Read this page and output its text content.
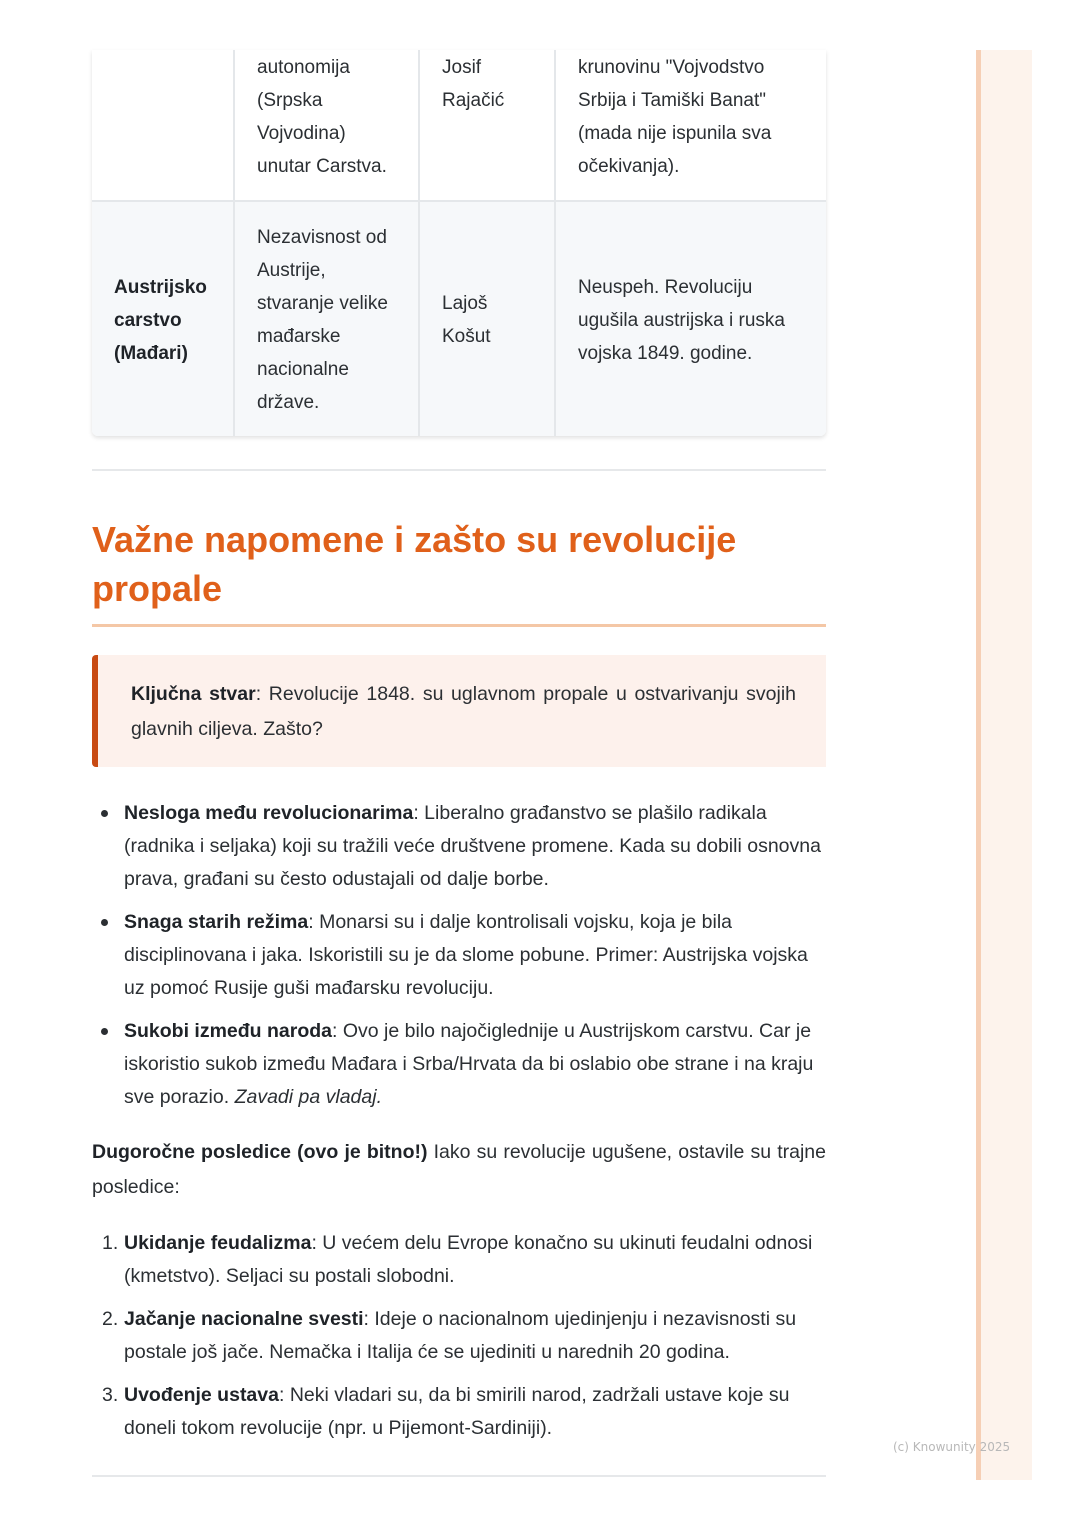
(c) Knowunity 2025
autonomija
(Srpska
Vojvodina)
unutar Carstva.
Josif
Rajačić
krunovinu "Vojvodstvo
Srbija i Tamiški Banat"
(mada nije ispunila sva
očekivanja).
Austrijsko
carstvo
(Mađari)
Nezavisnost od
Austrije,
stvaranje velike
mađarske
nacionalne
države.
Lajoš
Košut
Neuspeh. Revoluciju
ugušila austrijska i ruska
vojska 1849. godine.
Važne napomene i zašto su revolucije propale
Ključna stvar: Revolucije 1848. su uglavnom propale u ostvarivanju svojih glavnih ciljeva. Zašto?
Nesloga među revolucionarima: Liberalno građanstvo se plašilo radikala (radnika i seljaka) koji su tražili veće društvene promene. Kada su dobili osnovna prava, građani su često odustajali od dalje borbe.
Snaga starih režima: Monarsi su i dalje kontrolisali vojsku, koja je bila disciplinovana i jaka. Iskoristili su je da slome pobune. Primer: Austrijska vojska uz pomoć Rusije guši mađarsku revoluciju.
Sukobi između naroda: Ovo je bilo najočiglednije u Austrijskom carstvu. Car je iskoristio sukob između Mađara i Srba/Hrvata da bi oslabio obe strane i na kraju sve porazio. Zavadi pa vladaj.
Dugoročne posledice (ovo je bitno!) Iako su revolucije ugušene, ostavile su trajne posledice:
1. Ukidanje feudalizma: U većem delu Evrope konačno su ukinuti feudalni odnosi (kmetstvo). Seljaci su postali slobodni.
2. Jačanje nacionalne svesti: Ideje o nacionalnom ujedinjenju i nezavisnosti su postale još jače. Nemačka i Italija će se ujediniti u narednih 20 godina.
3. Uvođenje ustava: Neki vladari su, da bi smirili narod, zadržali ustave koje su doneli tokom revolucije (npr. u Pijemont-Sardiniji).
